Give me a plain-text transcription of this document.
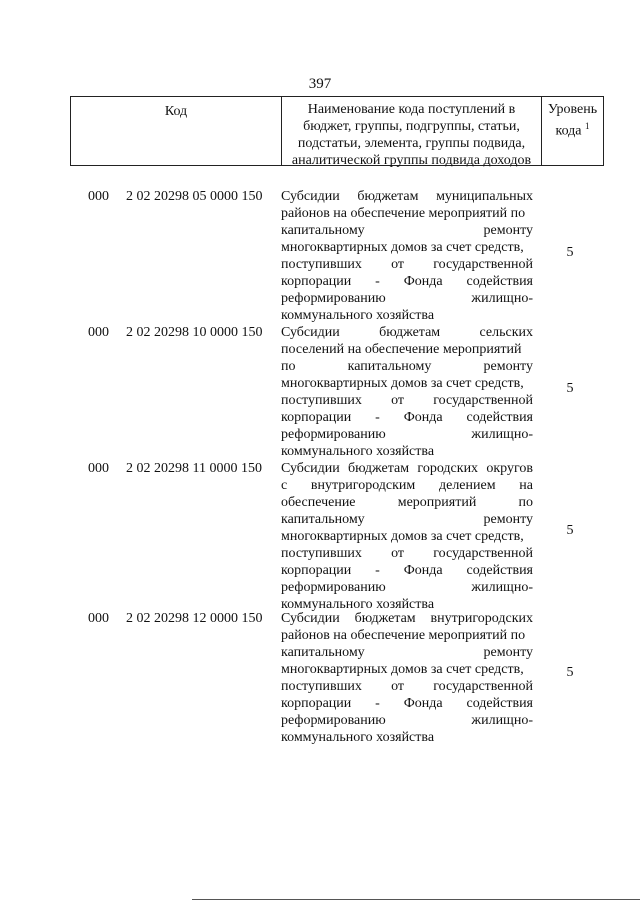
397
Код	Наименование кода поступлений в
бюджет, группы, подгруппы, статьи,
подстатьи, элемента, группы подвида,
аналитической группы подвида доходов
Уровень
кода $^1$
000 2 02 20298 05 0000 150 Субсидии бюджетам муниципальных
районов на обеспечение мероприятий по
капитальному ремонту
многоквартирных домов за счет средств,
поступивших от государственной
корпорации - Фонда содействия
реформированию жилищно-
коммунального хозяйства
5
000 2 02 20298 10 0000 150 Субсидии бюджетам сельских
поселений на обеспечение мероприятий
по капитальному ремонту
многоквартирных домов за счет средств,
поступивших от государственной
корпорации - Фонда содействия
реформированию жилищно-
коммунального хозяйства
5
000 2 02 20298 11 0000 150 Субсидии бюджетам городских округов
с внутригородским делением на
обеспечение мероприятий по
капитальному ремонту
многоквартирных домов за счет средств,
поступивших от государственной
корпорации - Фонда содействия
реформированию жилищно-
коммунального хозяйства
5
000 2 02 20298 12 0000 150 Субсидии бюджетам внутригородских
районов на обеспечение мероприятий по
капитальному ремонту
многоквартирных домов за счет средств,
поступивших от государственной
корпорации - Фонда содействия
реформированию жилищно-
коммунального хозяйства
5
